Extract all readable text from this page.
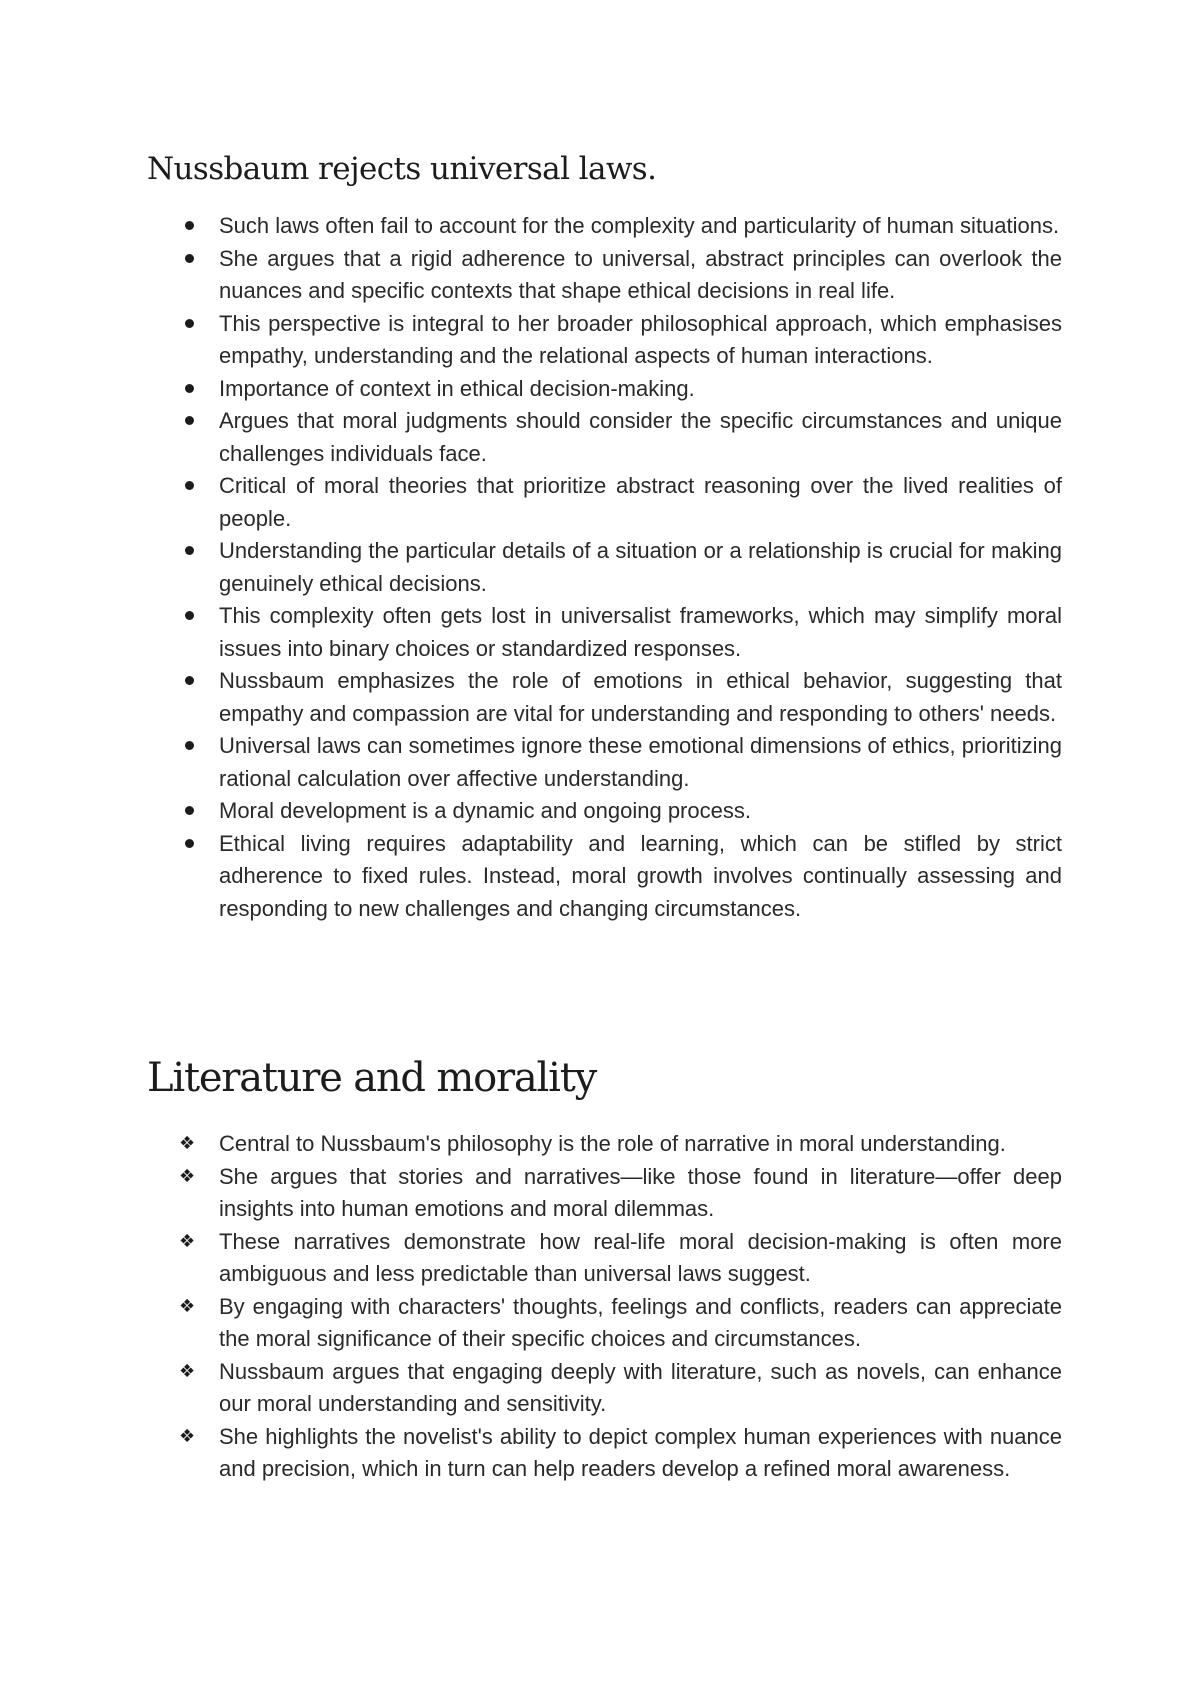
Nussbaum rejects universal laws.
Such laws often fail to account for the complexity and particularity of human situations.
She argues that a rigid adherence to universal, abstract principles can overlook the nuances and specific contexts that shape ethical decisions in real life.
This perspective is integral to her broader philosophical approach, which emphasises empathy, understanding and the relational aspects of human interactions.
Importance of context in ethical decision-making.
Argues that moral judgments should consider the specific circumstances and unique challenges individuals face.
Critical of moral theories that prioritize abstract reasoning over the lived realities of people.
Understanding the particular details of a situation or a relationship is crucial for making genuinely ethical decisions.
This complexity often gets lost in universalist frameworks, which may simplify moral issues into binary choices or standardized responses.
Nussbaum emphasizes the role of emotions in ethical behavior, suggesting that empathy and compassion are vital for understanding and responding to others' needs.
Universal laws can sometimes ignore these emotional dimensions of ethics, prioritizing rational calculation over affective understanding.
Moral development is a dynamic and ongoing process.
Ethical living requires adaptability and learning, which can be stifled by strict adherence to fixed rules. Instead, moral growth involves continually assessing and responding to new challenges and changing circumstances.
Literature and morality
❖	Central to Nussbaum's philosophy is the role of narrative in moral understanding.
❖	She argues that stories and narratives—like those found in literature—offer deep insights into human emotions and moral dilemmas.
❖	These narratives demonstrate how real-life moral decision-making is often more ambiguous and less predictable than universal laws suggest.
❖	By engaging with characters' thoughts, feelings and conflicts, readers can appreciate the moral significance of their specific choices and circumstances.
❖	Nussbaum argues that engaging deeply with literature, such as novels, can enhance our moral understanding and sensitivity.
❖	She highlights the novelist's ability to depict complex human experiences with nuance and precision, which in turn can help readers develop a refined moral awareness.
